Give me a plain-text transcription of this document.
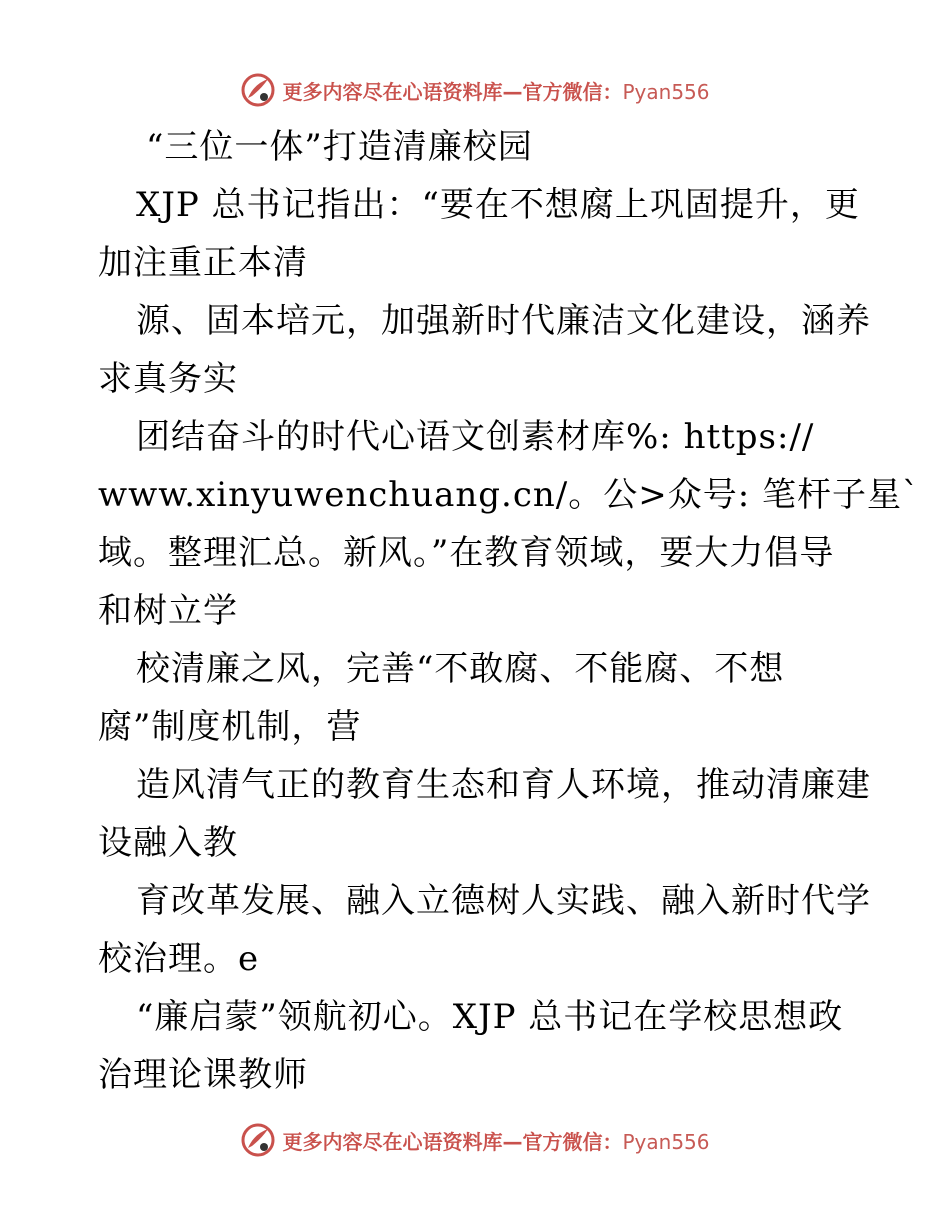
更多内容尽在心语资料库—官方微信：Pyan556
“三位一体”打造清廉校园
XJP 总书记指出：“要在不想腐上巩固提升，更
加注重正本清
源、固本培元，加强新时代廉洁文化建设，涵养
求真务实
团结奋斗的时代心语文创素材库%: https://
www.xinyuwenchuang.cn/。公>众号: 笔杆子星`
域。整理汇总。新风。”在教育领域，要大力倡导
和树立学
校清廉之风，完善“不敢腐、不能腐、不想
腐”制度机制，营
造风清气正的教育生态和育人环境，推动清廉建
设融入教
育改革发展、融入立德树人实践、融入新时代学
校治理。e
“廉启蒙”领航初心。XJP 总书记在学校思想政
治理论课教师
更多内容尽在心语资料库—官方微信：Pyan556
